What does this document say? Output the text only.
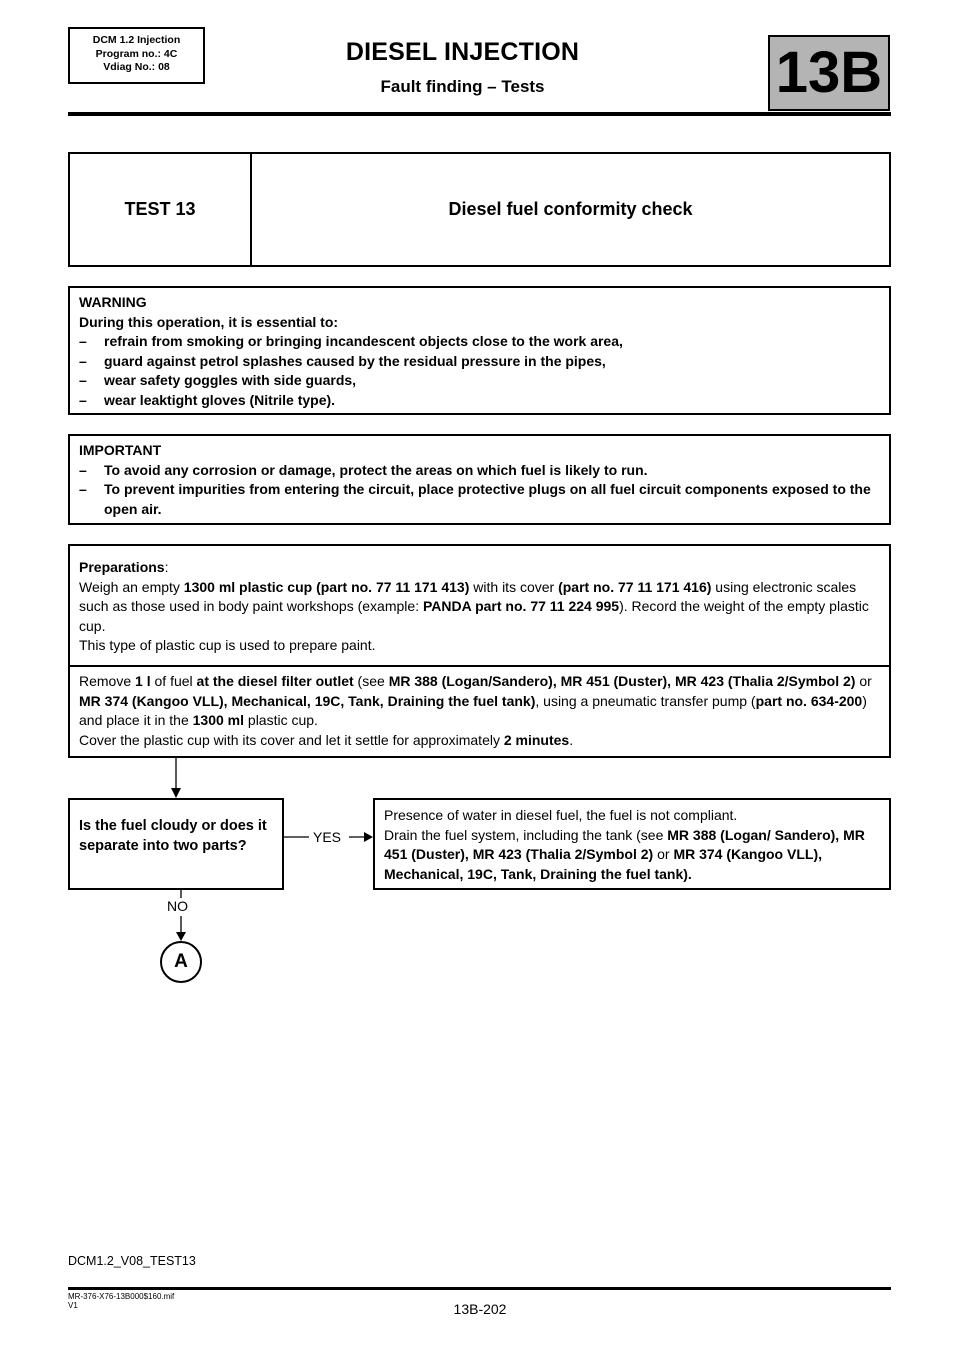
DCM 1.2 Injection
Program no.: 4C
Vdiag No.: 08
DIESEL INJECTION
Fault finding – Tests	13B
TEST 13	Diesel fuel conformity check
WARNING
During this operation, it is essential to:
– refrain from smoking or bringing incandescent objects close to the work area,
– guard against petrol splashes caused by the residual pressure in the pipes,
– wear safety goggles with side guards,
– wear leaktight gloves (Nitrile type).
IMPORTANT
– To avoid any corrosion or damage, protect the areas on which fuel is likely to run.
– To prevent impurities from entering the circuit, place protective plugs on all fuel circuit components exposed to the open air.
Preparations:
Weigh an empty 1300 ml plastic cup (part no. 77 11 171 413) with its cover (part no. 77 11 171 416) using electronic scales such as those used in body paint workshops (example: PANDA part no. 77 11 224 995). Record the weight of the empty plastic cup.
This type of plastic cup is used to prepare paint.
Remove 1 l of fuel at the diesel filter outlet (see MR 388 (Logan/Sandero), MR 451 (Duster), MR 423 (Thalia 2/Symbol 2) or MR 374 (Kangoo VLL), Mechanical, 19C, Tank, Draining the fuel tank), using a pneumatic transfer pump (part no. 634-200) and place it in the 1300 ml plastic cup.
Cover the plastic cup with its cover and let it settle for approximately 2 minutes.
Is the fuel cloudy or does it separate into two parts?
YES
NO
Presence of water in diesel fuel, the fuel is not compliant.
Drain the fuel system, including the tank (see MR 388 (Logan/ Sandero), MR 451 (Duster), MR 423 (Thalia 2/Symbol 2) or MR 374 (Kangoo VLL), Mechanical, 19C, Tank, Draining the fuel tank).
A
DCM1.2_V08_TEST13
MR-376-X76-13B000$160.mif
V1	13B-202
